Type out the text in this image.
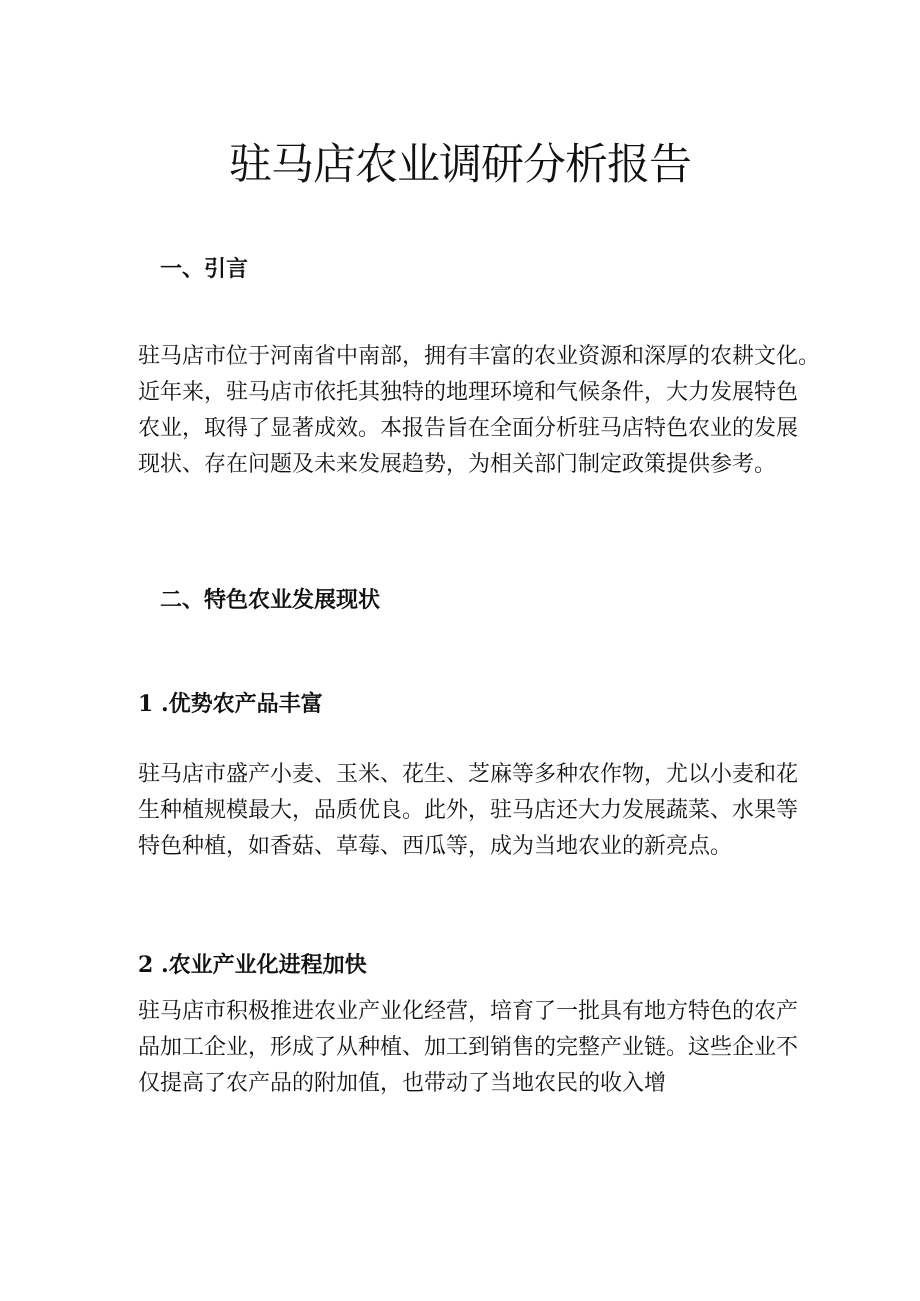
驻马店农业调研分析报告
一、引言
驻马店市位于河南省中南部，拥有丰富的农业资源和深厚的农耕文化。
近年来，驻马店市依托其独特的地理环境和气候条件，大力发展特色
农业，取得了显著成效。本报告旨在全面分析驻马店特色农业的发展
现状、存在问题及未来发展趋势，为相关部门制定政策提供参考。
二、特色农业发展现状
1 .优势农产品丰富
驻马店市盛产小麦、玉米、花生、芝麻等多种农作物，尤以小麦和花
生种植规模最大，品质优良。此外，驻马店还大力发展蔬菜、水果等
特色种植，如香菇、草莓、西瓜等，成为当地农业的新亮点。
2 .农业产业化进程加快
驻马店市积极推进农业产业化经营，培育了一批具有地方特色的农产
品加工企业，形成了从种植、加工到销售的完整产业链。这些企业不
仅提高了农产品的附加值，也带动了当地农民的收入增
